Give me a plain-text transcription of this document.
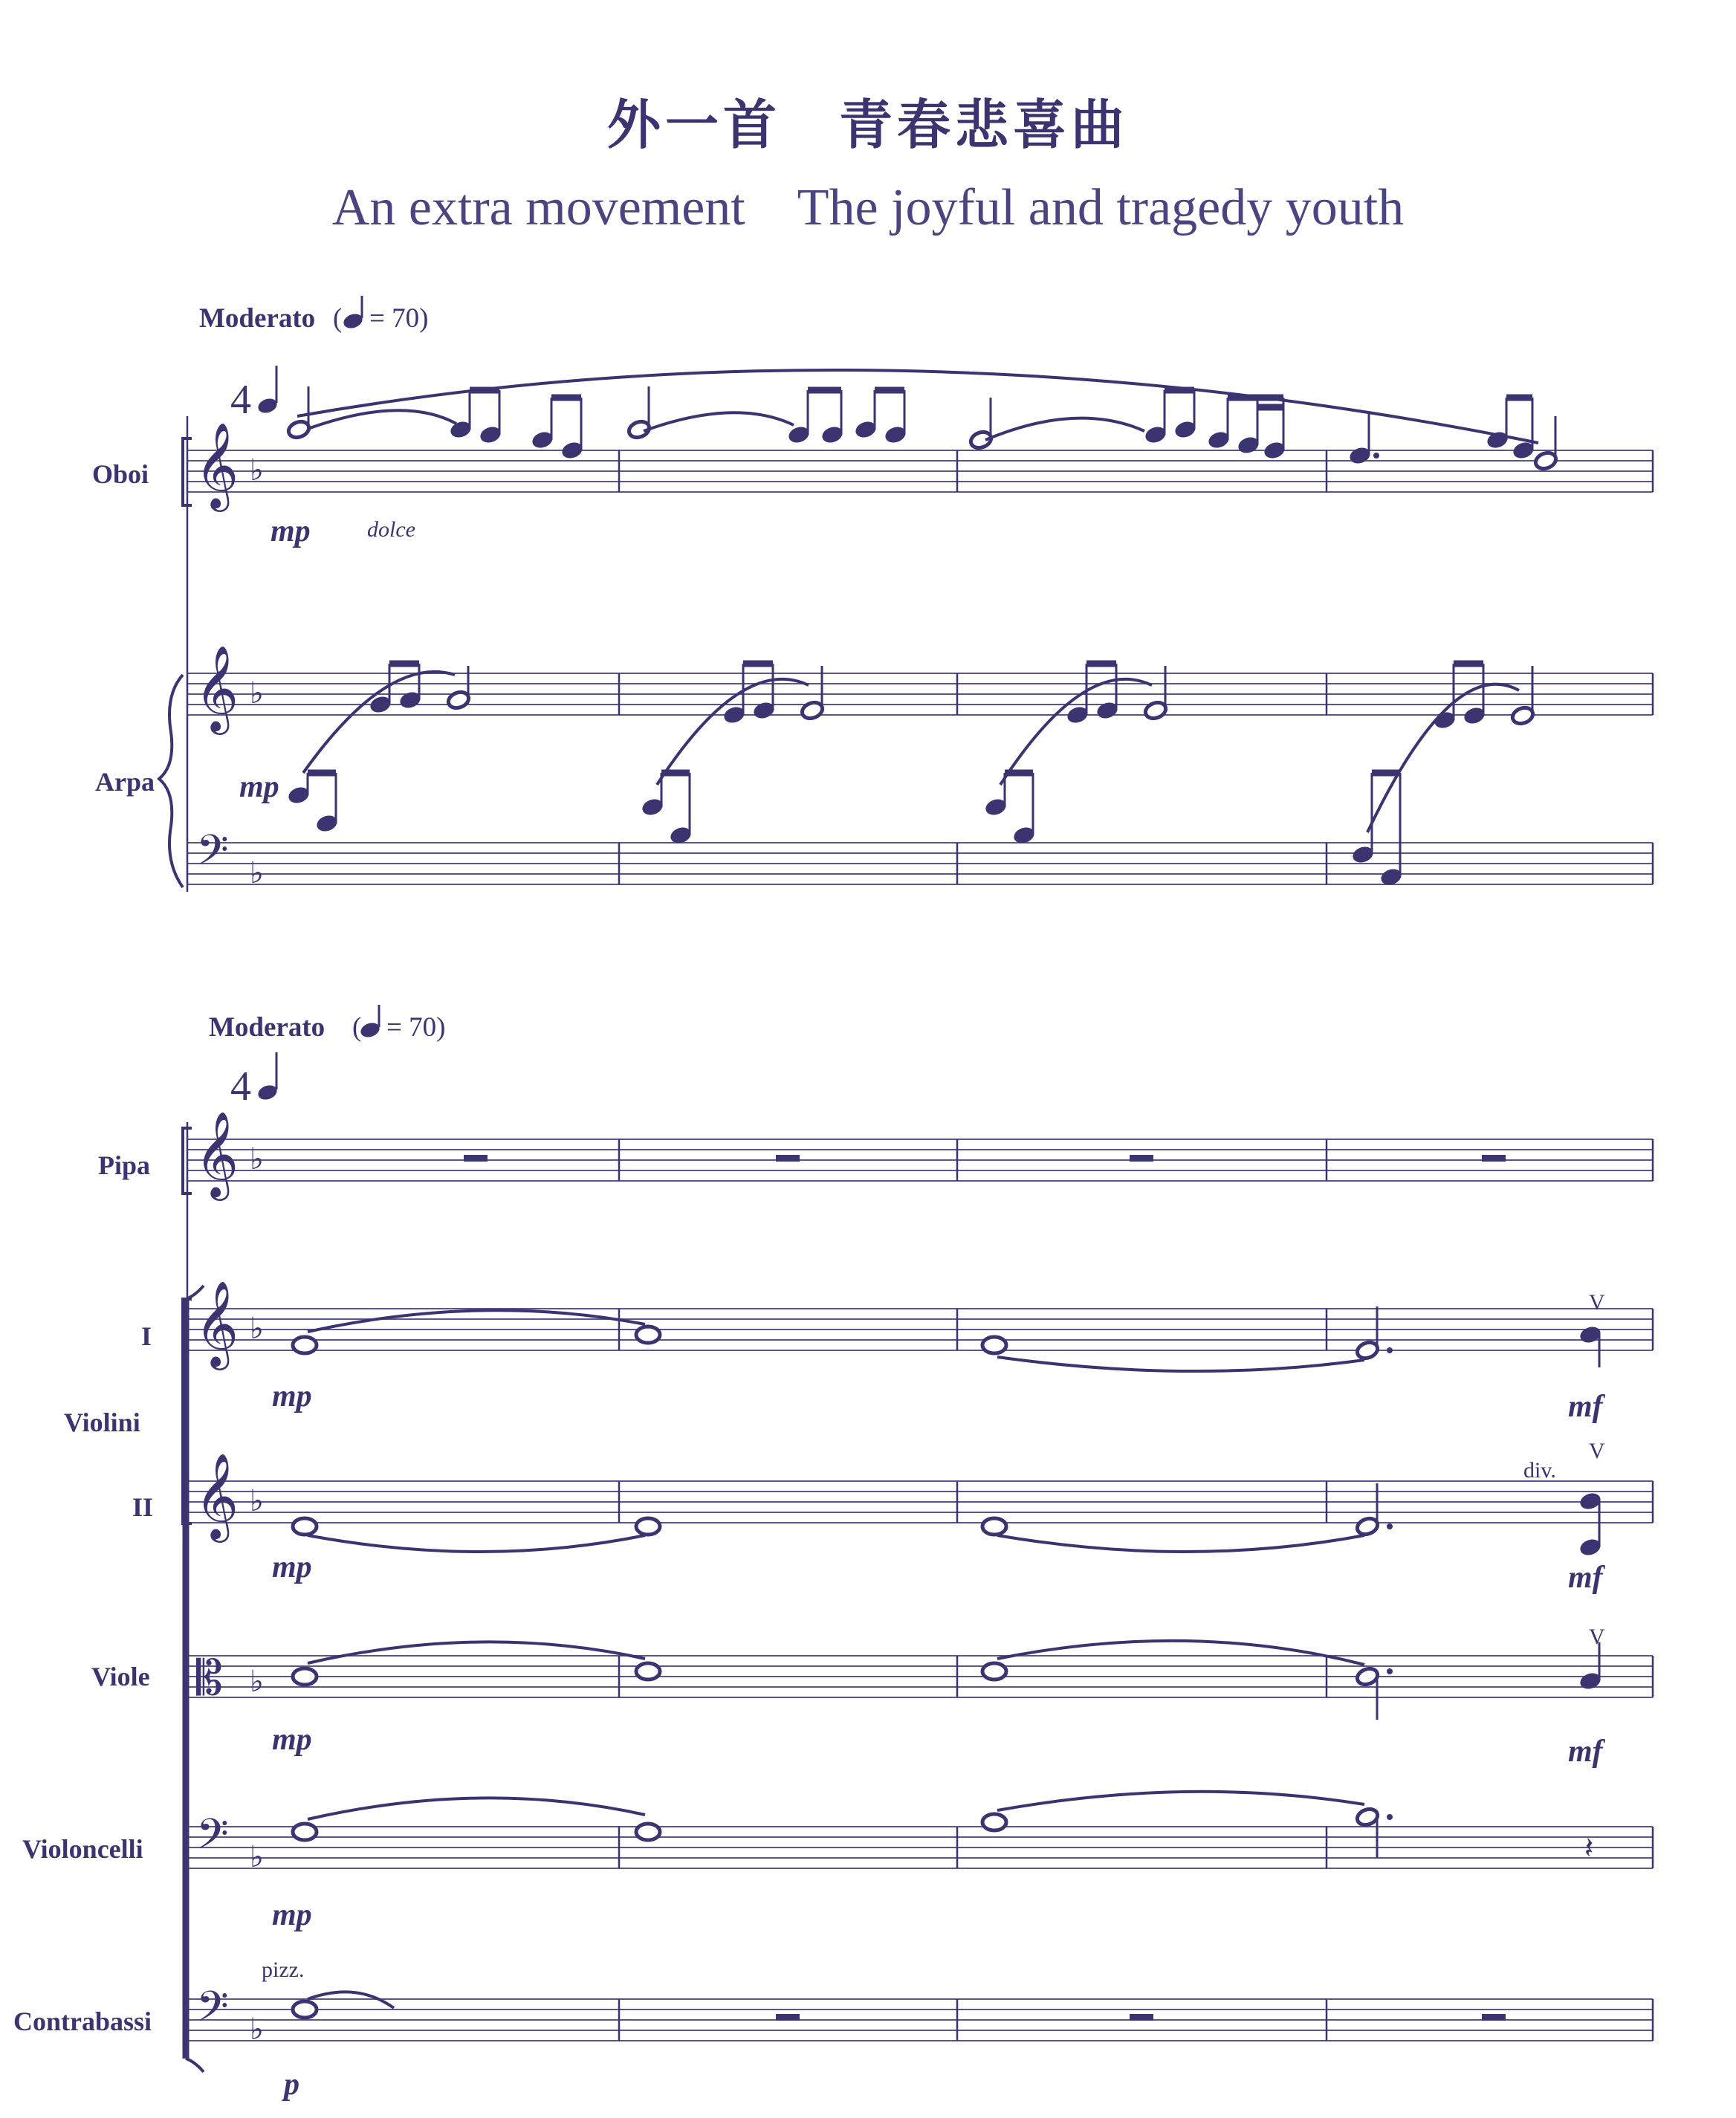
外一首　青春悲喜曲
An extra movement　The joyful and tragedy youth
𝄞 ♭
𝄞 ♭
𝄢 ♭
𝄞 ♭
𝄞 ♭
𝄞 ♭
𝄡 ♭
𝄢 ♭
𝄢 ♭
Moderato ( = 70)
4
Moderato ( = 70)
4
Oboi
Arpa
Pipa
I
Violini
II
Viole
Violoncelli
Contrabassi
mp	dolce
mp
mp	mf
V
mp	mf
div.
V
mp	mf
V
mp
pizz.
p
𝄽
